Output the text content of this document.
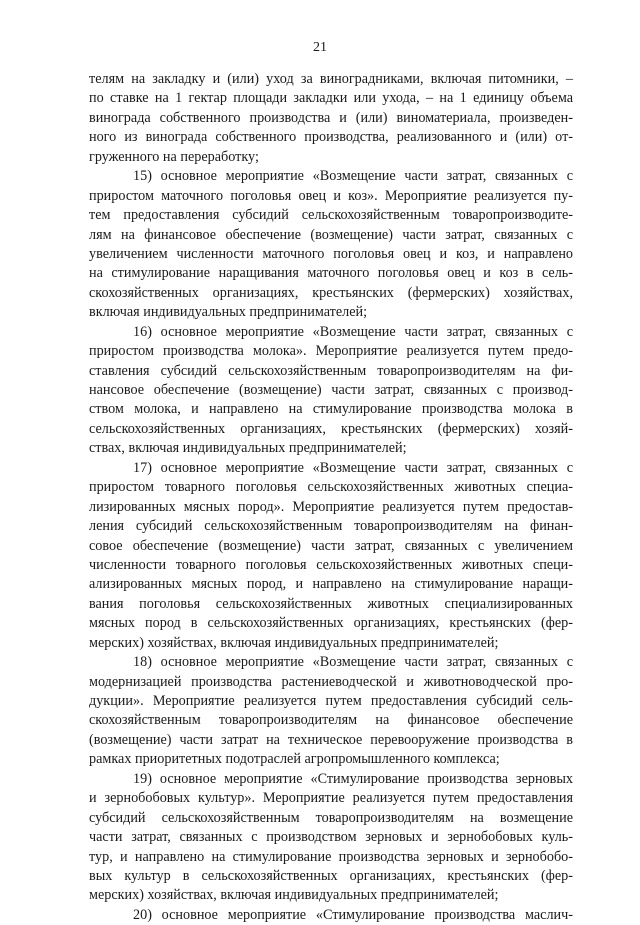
21
телям на закладку и (или) уход за виноградниками, включая питомники, –
по ставке на 1 гектар площади закладки или ухода, – на 1 единицу объема
винограда собственного производства и (или) виноматериала, произведен-
ного из винограда собственного производства, реализованного и (или) от-
груженного на переработку;
15) основное мероприятие «Возмещение части затрат, связанных с
приростом маточного поголовья овец и коз». Мероприятие реализуется пу-
тем предоставления субсидий сельскохозяйственным товаропроизводите-
лям на финансовое обеспечение (возмещение) части затрат, связанных с
увеличением численности маточного поголовья овец и коз, и направлено
на стимулирование наращивания маточного поголовья овец и коз в сель-
скохозяйственных организациях, крестьянских (фермерских) хозяйствах,
включая индивидуальных предпринимателей;
16) основное мероприятие «Возмещение части затрат, связанных с
приростом производства молока». Мероприятие реализуется путем предо-
ставления субсидий сельскохозяйственным товаропроизводителям на фи-
нансовое обеспечение (возмещение) части затрат, связанных с производ-
ством молока, и направлено на стимулирование производства молока в
сельскохозяйственных организациях, крестьянских (фермерских) хозяй-
ствах, включая индивидуальных предпринимателей;
17) основное мероприятие «Возмещение части затрат, связанных с
приростом товарного поголовья сельскохозяйственных животных специа-
лизированных мясных пород». Мероприятие реализуется путем предостав-
ления субсидий сельскохозяйственным товаропроизводителям на финан-
совое обеспечение (возмещение) части затрат, связанных с увеличением
численности товарного поголовья сельскохозяйственных животных специ-
ализированных мясных пород, и направлено на стимулирование наращи-
вания поголовья сельскохозяйственных животных специализированных
мясных пород в сельскохозяйственных организациях, крестьянских (фер-
мерских) хозяйствах, включая индивидуальных предпринимателей;
18) основное мероприятие «Возмещение части затрат, связанных с
модернизацией производства растениеводческой и животноводческой про-
дукции». Мероприятие реализуется путем предоставления субсидий сель-
скохозяйственным товаропроизводителям на финансовое обеспечение
(возмещение) части затрат на техническое перевооружение производства в
рамках приоритетных подотраслей агропромышленного комплекса;
19) основное мероприятие «Стимулирование производства зерновых
и зернобобовых культур». Мероприятие реализуется путем предоставления
субсидий сельскохозяйственным товаропроизводителям на возмещение
части затрат, связанных с производством зерновых и зернобобовых куль-
тур, и направлено на стимулирование производства зерновых и зернобобо-
вых культур в сельскохозяйственных организациях, крестьянских (фер-
мерских) хозяйствах, включая индивидуальных предпринимателей;
20) основное мероприятие «Стимулирование производства маслич-
